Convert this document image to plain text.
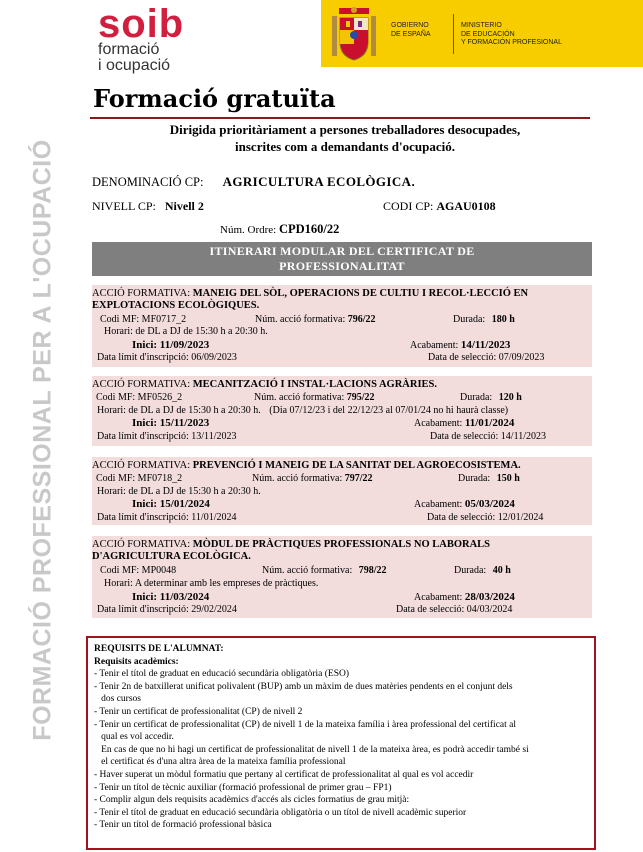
FORMACIÓ PROFESSIONAL PER A L'OCUPACIÓ
soib
formació
i ocupació
GOBIERNO
DE ESPAÑA
MINISTERIO
DE EDUCACIÓN
Y FORMACIÓN PROFESIONAL
Formació gratuïta
Dirigida prioritàriament a persones treballadores desocupades,
inscrites com a demandants d'ocupació.
DENOMINACIÓ CP: AGRICULTURA ECOLÒGICA.
NIVELL CP: Nivell 2	CODI CP: AGAU0108
Núm. Ordre: CPD160/22
ITINERARI MODULAR DEL CERTIFICAT DE
PROFESSIONALITAT
ACCIÓ FORMATIVA: MANEIG DEL SÒL, OPERACIONS DE CULTIU I RECOL·LECCIÓ EN
EXPLOTACIONS ECOLÒGIQUES.
Codi MF: MF0717_2	Núm. acció formativa: 796/22	Durada: 180 h
Horari: de DL a DJ de 15:30 h a 20:30 h.
Inici: 11/09/2023	Acabament: 14/11/2023
Data límit d'inscripció: 06/09/2023	Data de selecció: 07/09/2023
ACCIÓ FORMATIVA: MECANITZACIÓ I INSTAL·LACIONS AGRÀRIES.
Codi MF: MF0526_2	Núm. acció formativa: 795/22	Durada: 120 h
Horari: de DL a DJ de 15:30 h a 20:30 h. (Dia 07/12/23 i del 22/12/23 al 07/01/24 no hi haurà classe)
Inici: 15/11/2023	Acabament: 11/01/2024
Data límit d'inscripció: 13/11/2023	Data de selecció: 14/11/2023
ACCIÓ FORMATIVA: PREVENCIÓ I MANEIG DE LA SANITAT DEL AGROECOSISTEMA.
Codi MF: MF0718_2	Núm. acció formativa: 797/22	Durada: 150 h
Horari: de DL a DJ de 15:30 h a 20:30 h.
Inici: 15/01/2024	Acabament: 05/03/2024
Data límit d'inscripció: 11/01/2024	Data de selecció: 12/01/2024
ACCIÓ FORMATIVA: MÒDUL DE PRÀCTIQUES PROFESSIONALS NO LABORALS
D'AGRICULTURA ECOLÒGICA.
Codi MF: MP0048	Núm. acció formativa: 798/22	Durada: 40 h
Horari: A determinar amb les empreses de pràctiques.
Inici: 11/03/2024	Acabament: 28/03/2024
Data límit d'inscripció: 29/02/2024	Data de selecció: 04/03/2024
REQUISITS DE L'ALUMNAT:
Requisits acadèmics:
- Tenir el títol de graduat en educació secundària obligatòria (ESO)
- Tenir 2n de batxillerat unificat polivalent (BUP) amb un màxim de dues matèries pendents en el conjunt dels
dos cursos
- Tenir un certificat de professionalitat (CP) de nivell 2
- Tenir un certificat de professionalitat (CP) de nivell 1 de la mateixa família i àrea professional del certificat al
qual es vol accedir.
En cas de que no hi hagi un certificat de professionalitat de nivell 1 de la mateixa àrea, es podrà accedir també si
el certificat és d'una altra àrea de la mateixa família professional
- Haver superat un mòdul formatiu que pertany al certificat de professionalitat al qual es vol accedir
- Tenir un títol de tècnic auxiliar (formació professional de primer grau – FP1)
- Complir algun dels requisits acadèmics d'accés als cicles formatius de grau mitjà:
- Tenir el títol de graduat en educació secundària obligatòria o un títol de nivell acadèmic superior
- Tenir un títol de formació professional bàsica
